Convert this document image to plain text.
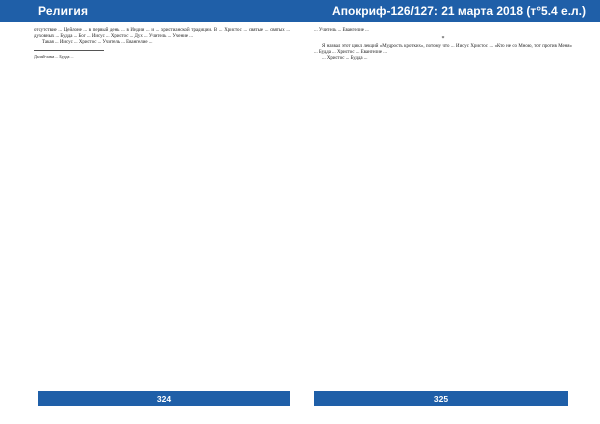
Религия	Апокриф-126/127: 21 марта 2018 (т°5.4 е.л.)

отсутствие ... Цейлоне ... в первый день ... в Индии ... и ... христианской традиции. В ... Христос ... святые ... святых ... духовных ... Будда ... Бог ... Иисус ... Христос ... Дух ... Учитель ... Учение ...

Такая ... Иисус ... Христос ... Учитель ... Евангелие ...

Далай-лама ... Будда ...

... Учитель ... Евангелие ...

*

Я назвал этот цикл лекций «Мудрость кротких», потому что ... Иисус Христос ... «Кто не со Мною, тот против Меня» ... Будда ... Христос ... Евангелие ...

... Христос ... Будда ...

324	325
